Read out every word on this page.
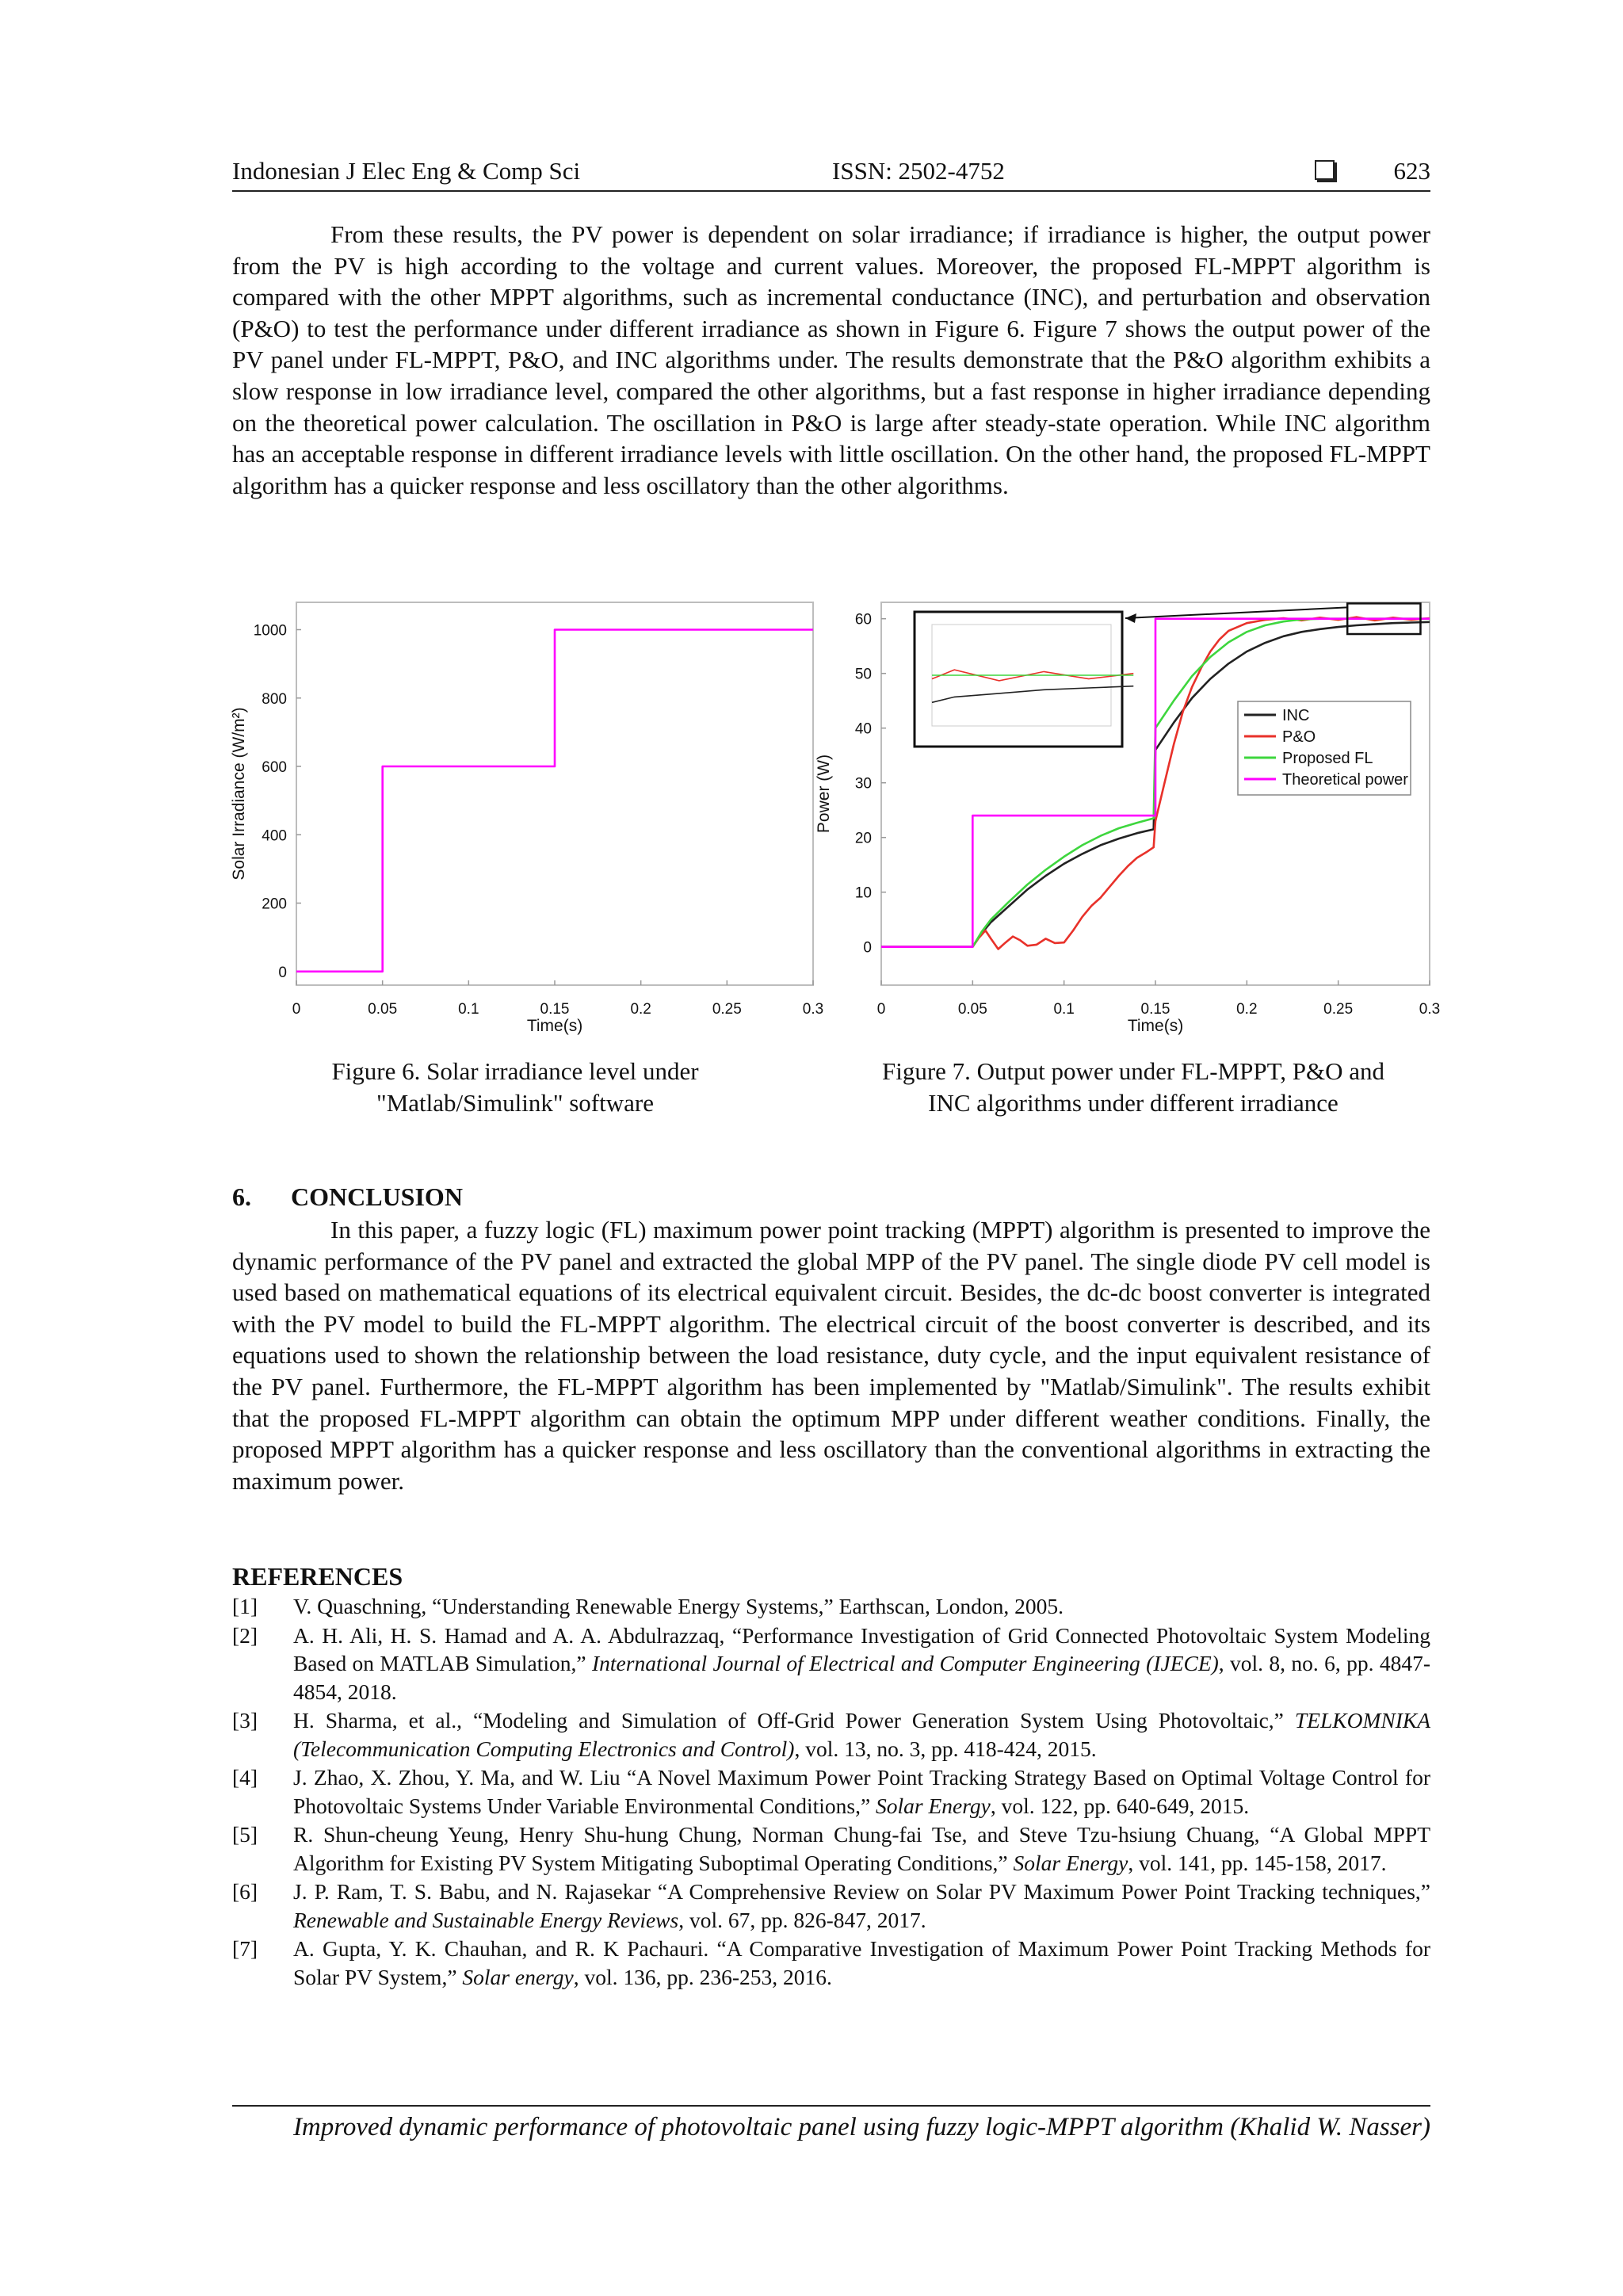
Indonesian J Elec Eng & Comp Sci	ISSN: 2502-4752	623

From these results, the PV power is dependent on solar irradiance; if irradiance is higher, the output power from the PV is high according to the voltage and current values. Moreover, the proposed FL-MPPT algorithm is compared with the other MPPT algorithms, such as incremental conductance (INC), and perturbation and observation (P&O) to test the performance under different irradiance as shown in Figure 6. Figure 7 shows the output power of the PV panel under FL-MPPT, P&O, and INC algorithms under. The results demonstrate that the P&O algorithm exhibits a slow response in low irradiance level, compared the other algorithms, but a fast response in higher irradiance depending on the theoretical power calculation. The oscillation in P&O is large after steady-state operation. While INC algorithm has an acceptable response in different irradiance levels with little oscillation. On the other hand, the proposed FL-MPPT algorithm has a quicker response and less oscillatory than the other algorithms.

0	0.05	0.1	0.15	0.2	0.25	0.3
0
200
400
600
800
1000
Time(s)
Solar Irradiance (W/m²)
0	0.05	0.1	0.15	0.2	0.25	0.3
0
10
20
30
40
50
60
Time(s)
Power (W)
INC
P&O
Proposed FL
Theoretical power
Figure 6. Solar irradiance level under
"Matlab/Simulink" software
Figure 7. Output power under FL-MPPT, P&O and
INC algorithms under different irradiance
6. CONCLUSION

In this paper, a fuzzy logic (FL) maximum power point tracking (MPPT) algorithm is presented to improve the dynamic performance of the PV panel and extracted the global MPP of the PV panel. The single diode PV cell model is used based on mathematical equations of its electrical equivalent circuit. Besides, the dc-dc boost converter is integrated with the PV model to build the FL-MPPT algorithm. The electrical circuit of the boost converter is described, and its equations used to shown the relationship between the load resistance, duty cycle, and the input equivalent resistance of the PV panel. Furthermore, the FL-MPPT algorithm has been implemented by "Matlab/Simulink". The results exhibit that the proposed FL-MPPT algorithm can obtain the optimum MPP under different weather conditions. Finally, the proposed MPPT algorithm has a quicker response and less oscillatory than the conventional algorithms in extracting the maximum power.

REFERENCES
[1] V. Quaschning, “Understanding Renewable Energy Systems,” Earthscan, London, 2005.
[2] A. H. Ali, H. S. Hamad and A. A. Abdulrazzaq, “Performance Investigation of Grid Connected Photovoltaic System Modeling Based on MATLAB Simulation,” International Journal of Electrical and Computer Engineering (IJECE), vol. 8, no. 6, pp. 4847-4854, 2018.
[3] H. Sharma, et al., “Modeling and Simulation of Off-Grid Power Generation System Using Photovoltaic,” TELKOMNIKA (Telecommunication Computing Electronics and Control), vol. 13, no. 3, pp. 418-424, 2015.
[4] J. Zhao, X. Zhou, Y. Ma, and W. Liu “A Novel Maximum Power Point Tracking Strategy Based on Optimal Voltage Control for Photovoltaic Systems Under Variable Environmental Conditions,” Solar Energy, vol. 122, pp. 640-649, 2015.
[5] R. Shun-cheung Yeung, Henry Shu-hung Chung, Norman Chung-fai Tse, and Steve Tzu-hsiung Chuang, “A Global MPPT Algorithm for Existing PV System Mitigating Suboptimal Operating Conditions,” Solar Energy, vol. 141, pp. 145-158, 2017.
[6] J. P. Ram, T. S. Babu, and N. Rajasekar “A Comprehensive Review on Solar PV Maximum Power Point Tracking techniques,” Renewable and Sustainable Energy Reviews, vol. 67, pp. 826-847, 2017.
[7] A. Gupta, Y. K. Chauhan, and R. K Pachauri. “A Comparative Investigation of Maximum Power Point Tracking Methods for Solar PV System,” Solar energy, vol. 136, pp. 236-253, 2016.
Improved dynamic performance of photovoltaic panel using fuzzy logic-MPPT algorithm (Khalid W. Nasser)
